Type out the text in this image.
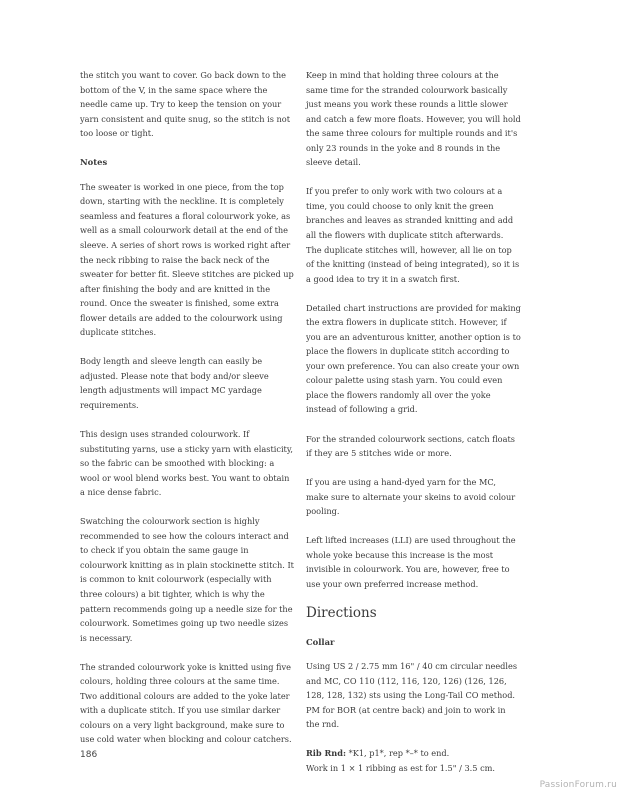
the stitch you want to cover. Go back down to the bottom of the V, in the same space where the needle came up. Try to keep the tension on your yarn consistent and quite snug, so the stitch is not too loose or tight.

Notes

The sweater is worked in one piece, from the top down, starting with the neckline. It is completely seamless and features a floral colourwork yoke, as well as a small colourwork detail at the end of the sleeve. A series of short rows is worked right after the neck ribbing to raise the back neck of the sweater for better fit. Sleeve stitches are picked up after finishing the body and are knitted in the round. Once the sweater is finished, some extra flower details are added to the colourwork using duplicate stitches.

Body length and sleeve length can easily be adjusted. Please note that body and/or sleeve length adjustments will impact MC yardage requirements.

This design uses stranded colourwork. If substituting yarns, use a sticky yarn with elasticity, so the fabric can be smoothed with blocking: a wool or wool blend works best. You want to obtain a nice dense fabric.

Swatching the colourwork section is highly recommended to see how the colours interact and to check if you obtain the same gauge in colourwork knitting as in plain stockinette stitch. It is common to knit colourwork (especially with three colours) a bit tighter, which is why the pattern recommends going up a needle size for the colourwork. Sometimes going up two needle sizes is necessary.

The stranded colourwork yoke is knitted using five colours, holding three colours at the same time. Two additional colours are added to the yoke later with a duplicate stitch. If you use similar darker colours on a very light background, make sure to use cold water when blocking and colour catchers.

Keep in mind that holding three colours at the same time for the stranded colourwork basically just means you work these rounds a little slower and catch a few more floats. However, you will hold the same three colours for multiple rounds and it's only 23 rounds in the yoke and 8 rounds in the sleeve detail.

If you prefer to only work with two colours at a time, you could choose to only knit the green branches and leaves as stranded knitting and add all the flowers with duplicate stitch afterwards. The duplicate stitches will, however, all lie on top of the knitting (instead of being integrated), so it is a good idea to try it in a swatch first.

Detailed chart instructions are provided for making the extra flowers in duplicate stitch. However, if you are an adventurous knitter, another option is to place the flowers in duplicate stitch according to your own preference. You can also create your own colour palette using stash yarn. You could even place the flowers randomly all over the yoke instead of following a grid.

For the stranded colourwork sections, catch floats if they are 5 stitches wide or more.

If you are using a hand-dyed yarn for the MC, make sure to alternate your skeins to avoid colour pooling.

Left lifted increases (LLI) are used throughout the whole yoke because this increase is the most invisible in colourwork. You are, however, free to use your own preferred increase method.

Directions
Collar

Using US 2 / 2.75 mm 16" / 40 cm circular needles and MC, CO 110 (112, 116, 120, 126) (126, 126, 128, 128, 132) sts using the Long-Tail CO method. PM for BOR (at centre back) and join to work in the rnd.

Rib Rnd: *K1, p1*, rep *–* to end.

Work in 1 × 1 ribbing as est for 1.5" / 3.5 cm.

186
PassionForum.ru
